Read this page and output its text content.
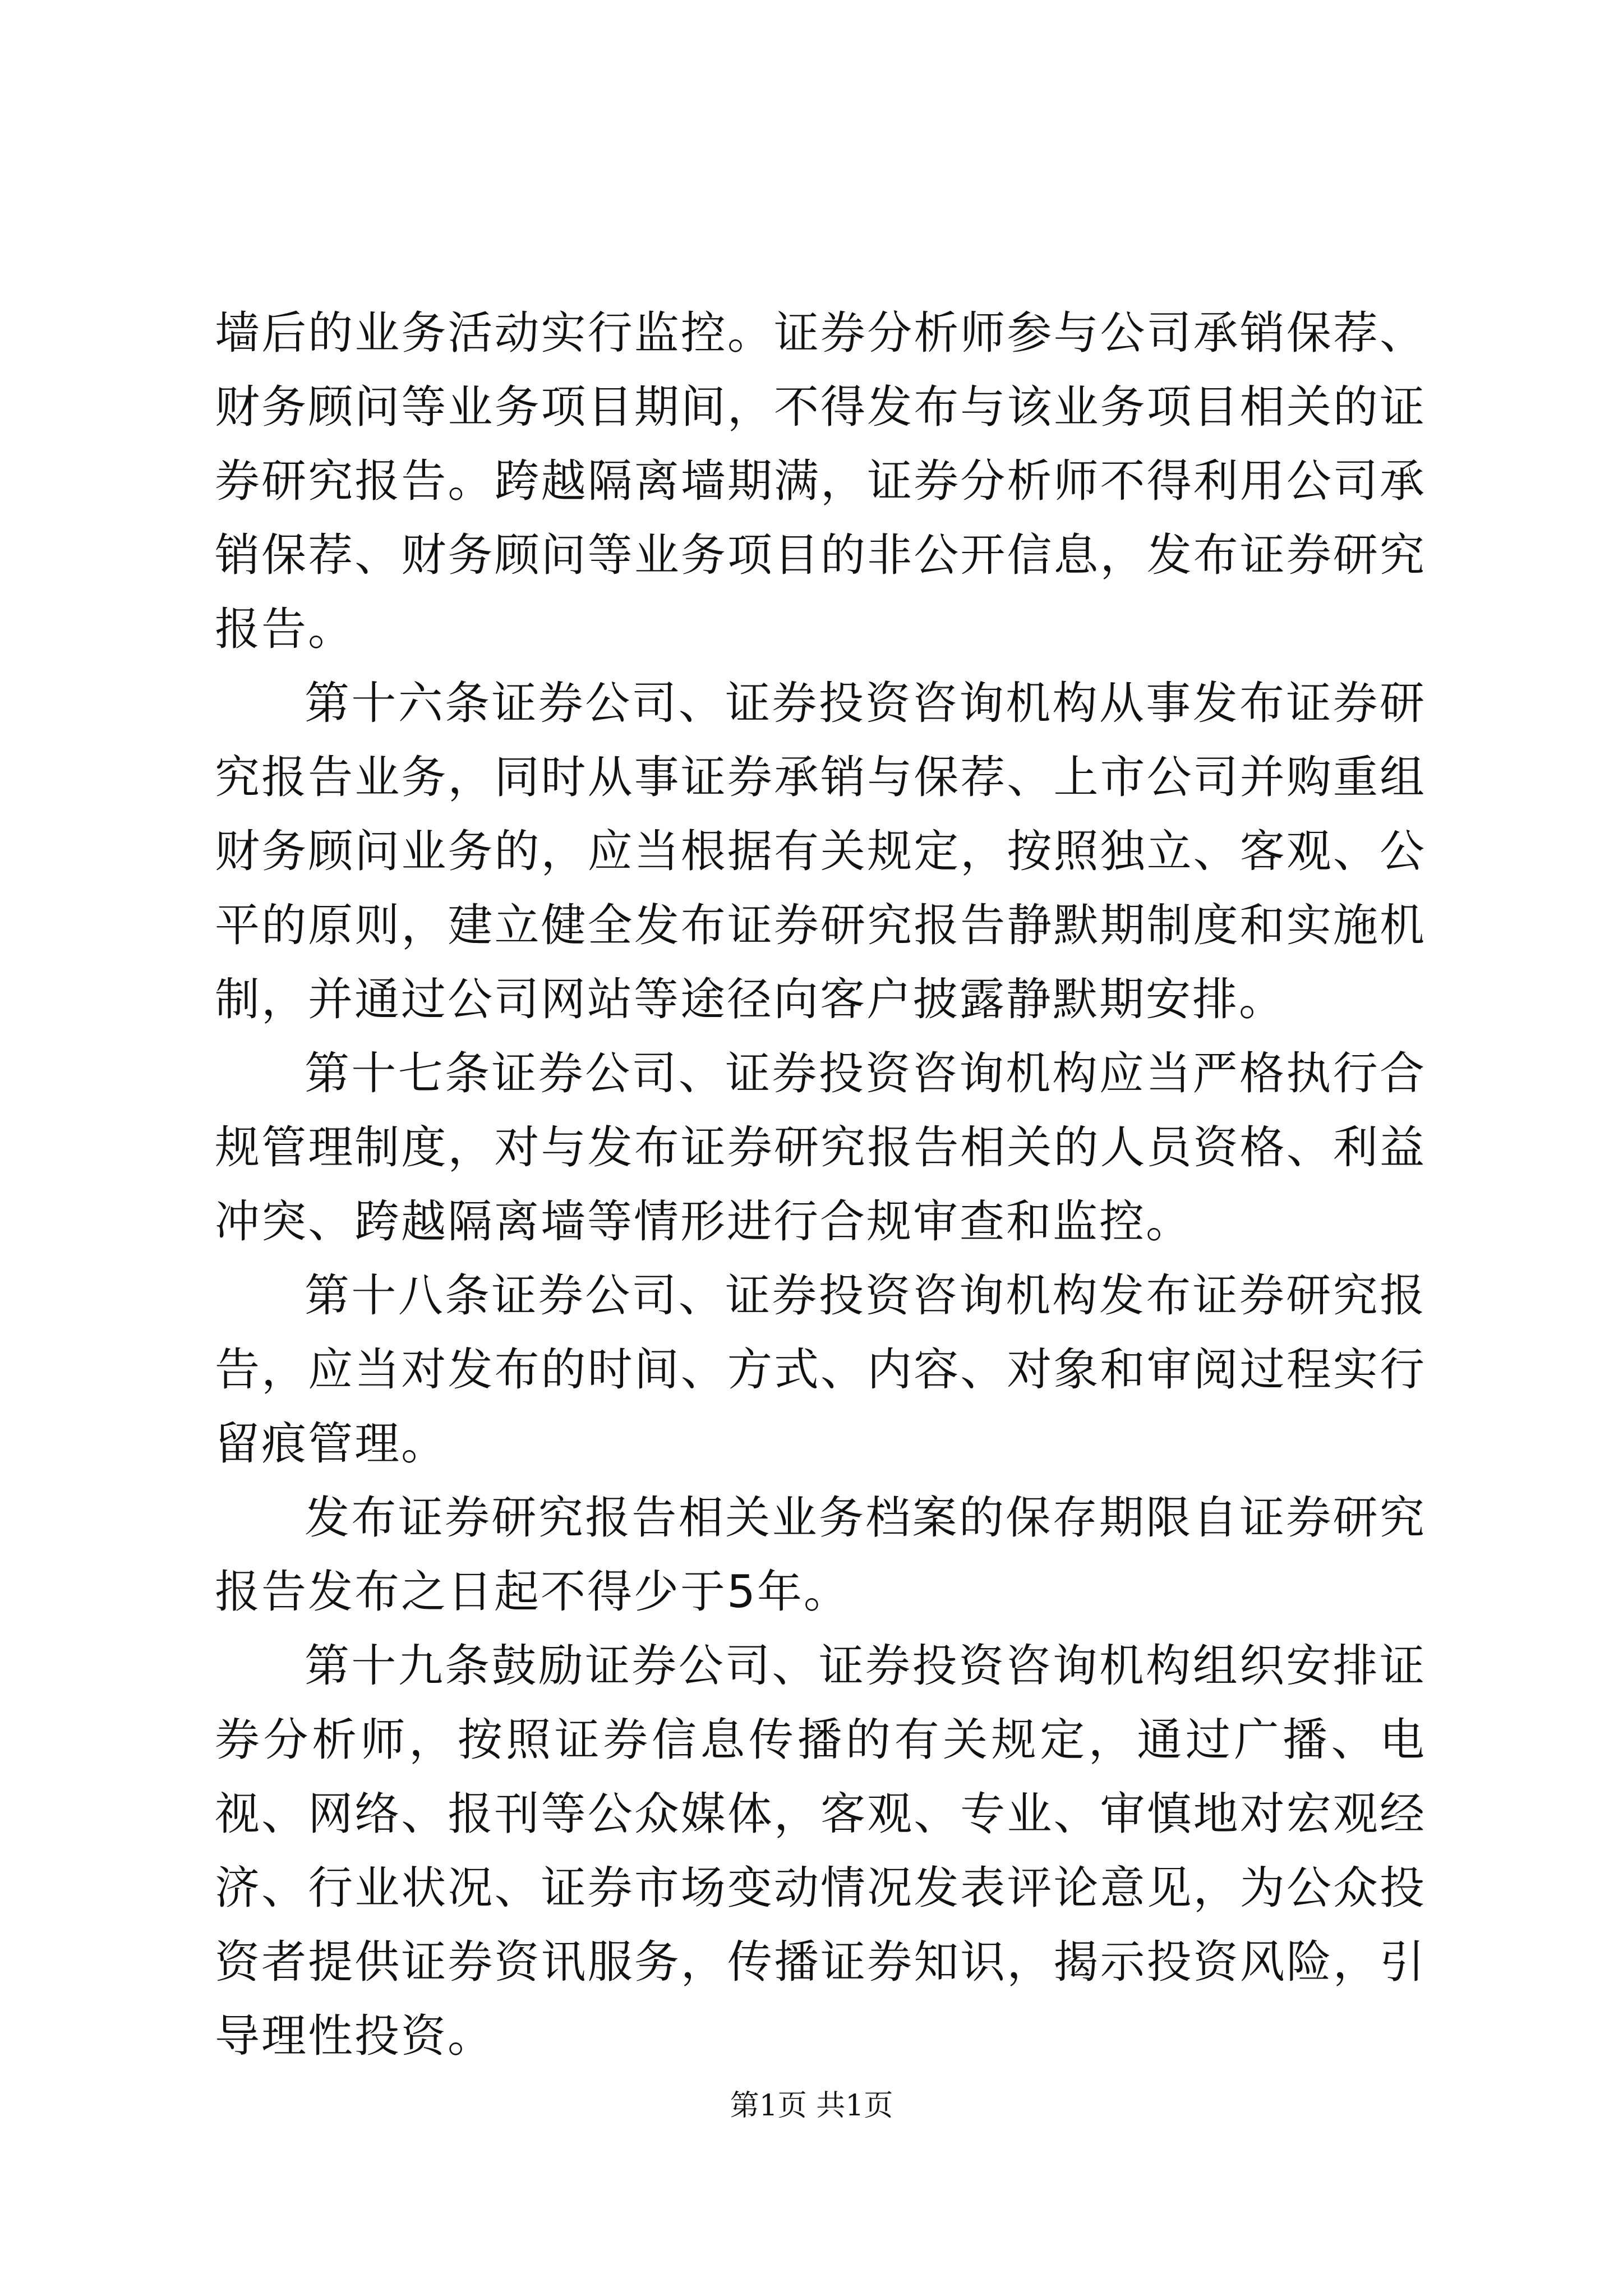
墙后的业务活动实行监控。证券分析师参与公司承销保荐、财务顾问等业务项目期间，不得发布与该业务项目相关的证券研究报告。跨越隔离墙期满，证券分析师不得利用公司承销保荐、财务顾问等业务项目的非公开信息，发布证券研究报告。

第十六条证券公司、证券投资咨询机构从事发布证券研究报告业务，同时从事证券承销与保荐、上市公司并购重组财务顾问业务的，应当根据有关规定，按照独立、客观、公平的原则，建立健全发布证券研究报告静默期制度和实施机制，并通过公司网站等途径向客户披露静默期安排。

第十七条证券公司、证券投资咨询机构应当严格执行合规管理制度，对与发布证券研究报告相关的人员资格、利益冲突、跨越隔离墙等情形进行合规审查和监控。

第十八条证券公司、证券投资咨询机构发布证券研究报告，应当对发布的时间、方式、内容、对象和审阅过程实行留痕管理。

发布证券研究报告相关业务档案的保存期限自证券研究报告发布之日起不得少于5年。

第十九条鼓励证券公司、证券投资咨询机构组织安排证券分析师，按照证券信息传播的有关规定，通过广播、电视、网络、报刊等公众媒体，客观、专业、审慎地对宏观经济、行业状况、证券市场变动情况发表评论意见，为公众投资者提供证券资讯服务，传播证券知识，揭示投资风险，引导理性投资。

第1页 共1页
